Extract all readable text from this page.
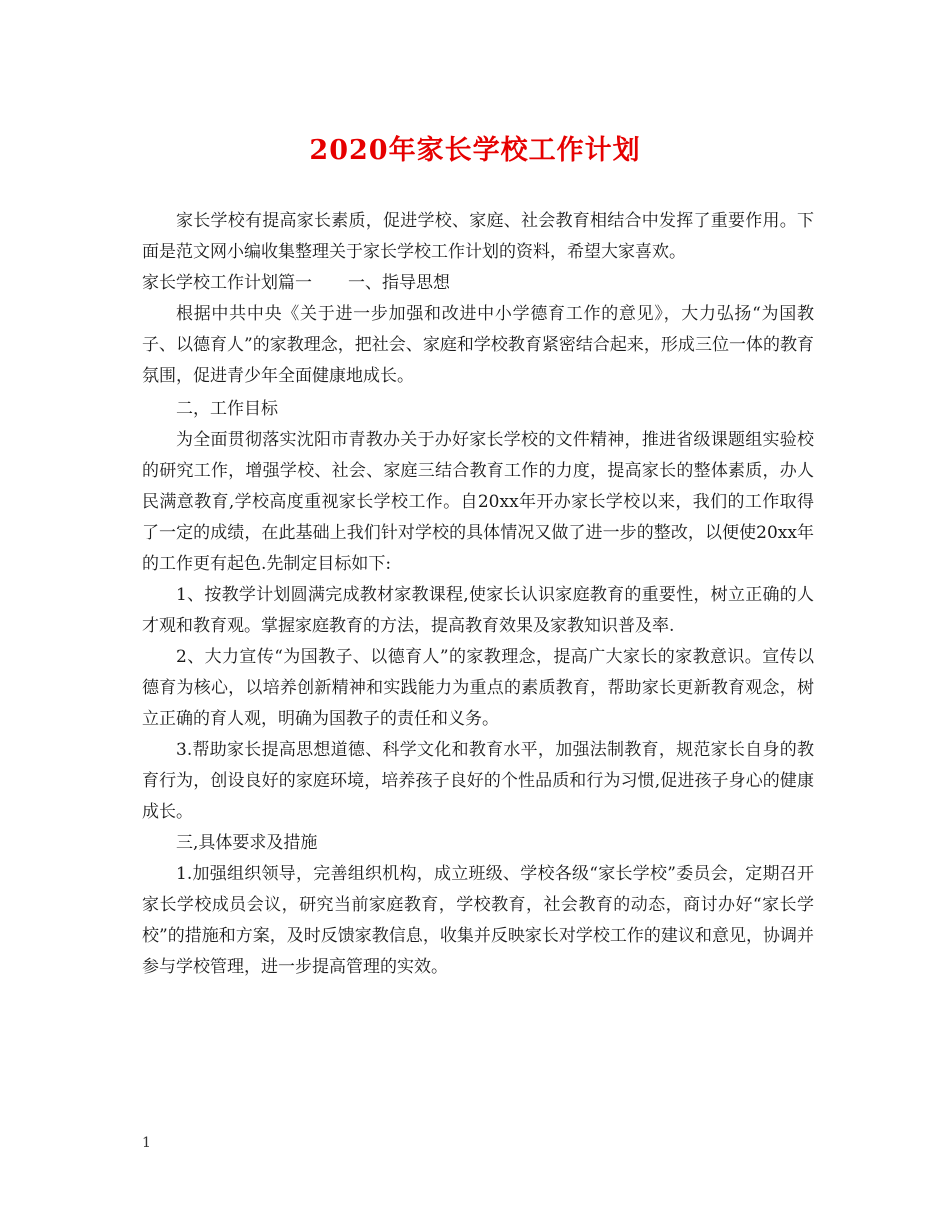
2020年家长学校工作计划

家长学校有提高家长素质，促进学校、家庭、社会教育相结合中发挥了重要作用。下面是范文网小编收集整理关于家长学校工作计划的资料，希望大家喜欢。

家长学校工作计划篇一 一、指导思想

根据中共中央《关于进一步加强和改进中小学德育工作的意见》，大力弘扬“为国教子、以德育人”的家教理念，把社会、家庭和学校教育紧密结合起来，形成三位一体的教育氛围，促进青少年全面健康地成长。

二，工作目标

为全面贯彻落实沈阳市青教办关于办好家长学校的文件精神，推进省级课题组实验校的研究工作，增强学校、社会、家庭三结合教育工作的力度，提高家长的整体素质，办人民满意教育,学校高度重视家长学校工作。自20xx年开办家长学校以来，我们的工作取得了一定的成绩，在此基础上我们针对学校的具体情况又做了进一步的整改，以便使20xx年的工作更有起色.先制定目标如下:

1、按教学计划圆满完成教材家教课程,使家长认识家庭教育的重要性，树立正确的人才观和教育观。掌握家庭教育的方法，提高教育效果及家教知识普及率.

2、大力宣传“为国教子、以德育人”的家教理念，提高广大家长的家教意识。宣传以德育为核心，以培养创新精神和实践能力为重点的素质教育，帮助家长更新教育观念，树立正确的育人观，明确为国教子的责任和义务。

3.帮助家长提高思想道德、科学文化和教育水平，加强法制教育，规范家长自身的教育行为，创设良好的家庭环境，培养孩子良好的个性品质和行为习惯,促进孩子身心的健康成长。

三,具体要求及措施

1.加强组织领导，完善组织机构，成立班级、学校各级“家长学校”委员会，定期召开家长学校成员会议，研究当前家庭教育，学校教育，社会教育的动态，商讨办好“家长学校”的措施和方案，及时反馈家教信息，收集并反映家长对学校工作的建议和意见，协调并参与学校管理，进一步提高管理的实效。

1
